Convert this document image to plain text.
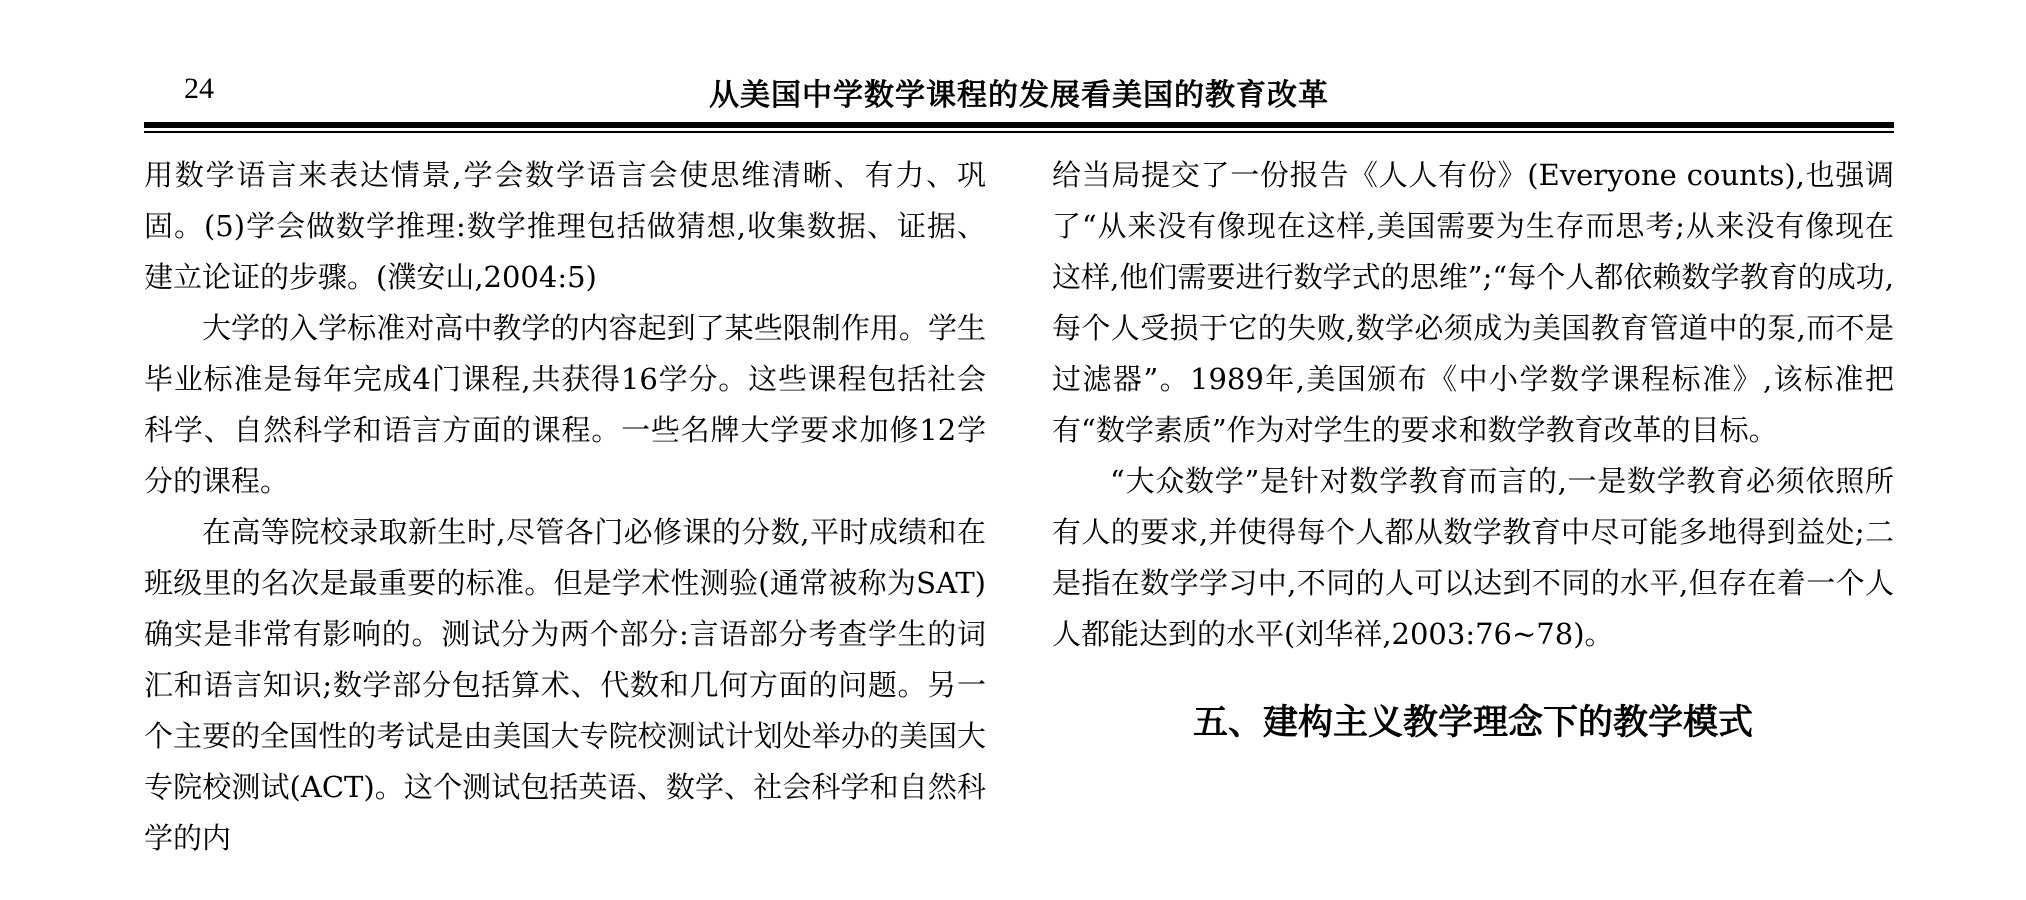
24	从美国中学数学课程的发展看美国的教育改革

用数学语言来表达情景,学会数学语言会使思维清晰、有力、巩固。(5)学会做数学推理:数学推理包括做猜想,收集数据、证据、建立论证的步骤。(濮安山,2004:5)

大学的入学标准对高中教学的内容起到了某些限制作用。学生毕业标准是每年完成4门课程,共获得16学分。这些课程包括社会科学、自然科学和语言方面的课程。一些名牌大学要求加修12学分的课程。

在高等院校录取新生时,尽管各门必修课的分数,平时成绩和在班级里的名次是最重要的标准。但是学术性测验(通常被称为SAT)确实是非常有影响的。测试分为两个部分:言语部分考查学生的词汇和语言知识;数学部分包括算术、代数和几何方面的问题。另一个主要的全国性的考试是由美国大专院校测试计划处举办的美国大专院校测试(ACT)。这个测试包括英语、数学、社会科学和自然科学的内

给当局提交了一份报告《人人有份》(Everyone counts),也强调了“从来没有像现在这样,美国需要为生存而思考;从来没有像现在这样,他们需要进行数学式的思维”;“每个人都依赖数学教育的成功,每个人受损于它的失败,数学必须成为美国教育管道中的泵,而不是过滤器”。1989年,美国颁布《中小学数学课程标准》,该标准把有“数学素质”作为对学生的要求和数学教育改革的目标。

“大众数学”是针对数学教育而言的,一是数学教育必须依照所有人的要求,并使得每个人都从数学教育中尽可能多地得到益处;二是指在数学学习中,不同的人可以达到不同的水平,但存在着一个人人都能达到的水平(刘华祥,2003:76~78)。

五、建构主义教学理念下的教学模式
